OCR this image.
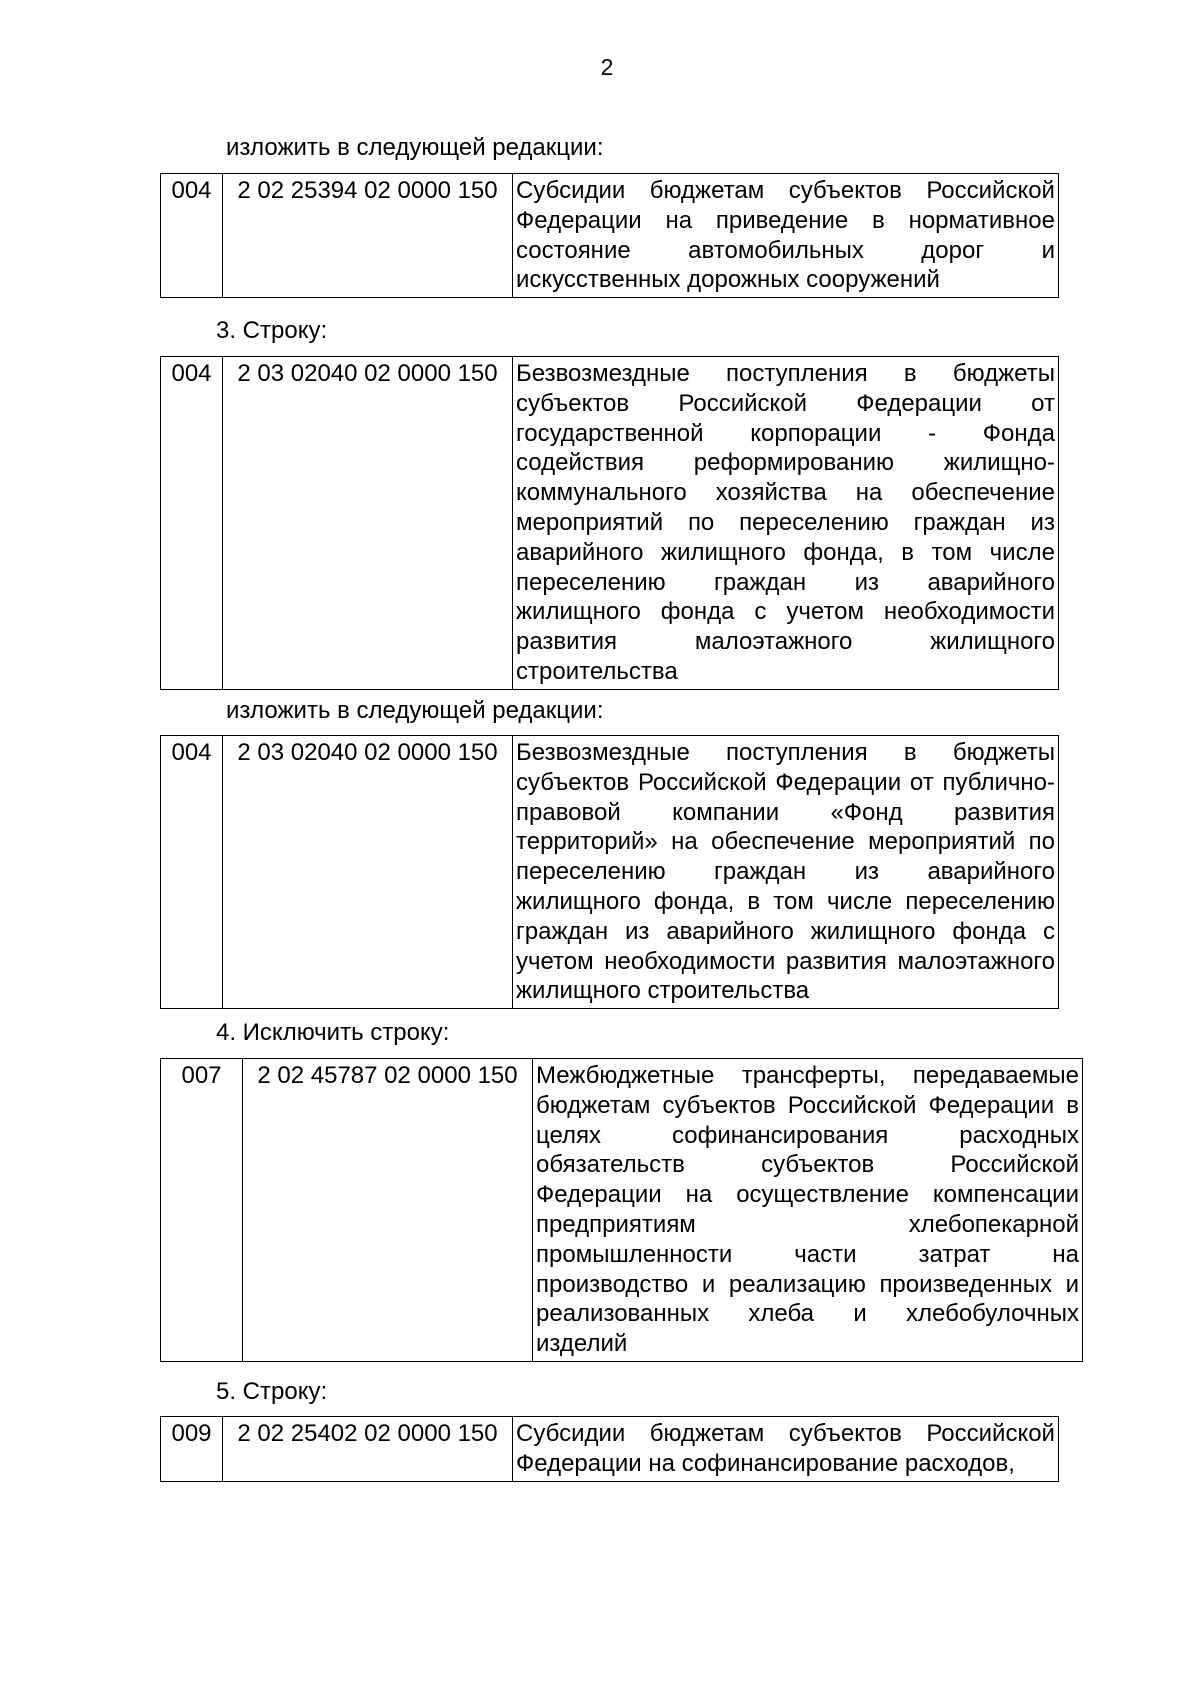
2
изложить в следующей редакции:
004	2 02 25394 02 0000 150	Субсидии бюджетам субъектов Российской
Федерации на приведение в нормативное
состояние автомобильных дорог и
искусственных дорожных сооружений
3. Строку:
004	2 03 02040 02 0000 150	Безвозмездные поступления в бюджеты
субъектов Российской Федерации от
государственной корпорации - Фонда
содействия реформированию жилищно-
коммунального хозяйства на обеспечение
мероприятий по переселению граждан из
аварийного жилищного фонда, в том числе
переселению граждан из аварийного
жилищного фонда с учетом необходимости
развития	малоэтажного	жилищного
строительства
изложить в следующей редакции:
004	2 03 02040 02 0000 150	Безвозмездные поступления в бюджеты
субъектов Российской Федерации от публично-
правовой компании «Фонд развития
территорий» на обеспечение мероприятий по
переселению граждан из аварийного
жилищного фонда, в том числе переселению
граждан из аварийного жилищного фонда с
учетом необходимости развития малоэтажного
жилищного строительства
4. Исключить строку:
007	2 02 45787 02 0000 150	Межбюджетные трансферты, передаваемые
бюджетам субъектов Российской Федерации в
целях	софинансирования	расходных
обязательств	субъектов	Российской
Федерации на осуществление компенсации
предприятиям	хлебопекарной
промышленности	части	затрат	на
производство и реализацию произведенных и
реализованных хлеба и хлебобулочных
изделий
5. Строку:
009	2 02 25402 02 0000 150	Субсидии бюджетам субъектов Российской
Федерации на софинансирование расходов,
